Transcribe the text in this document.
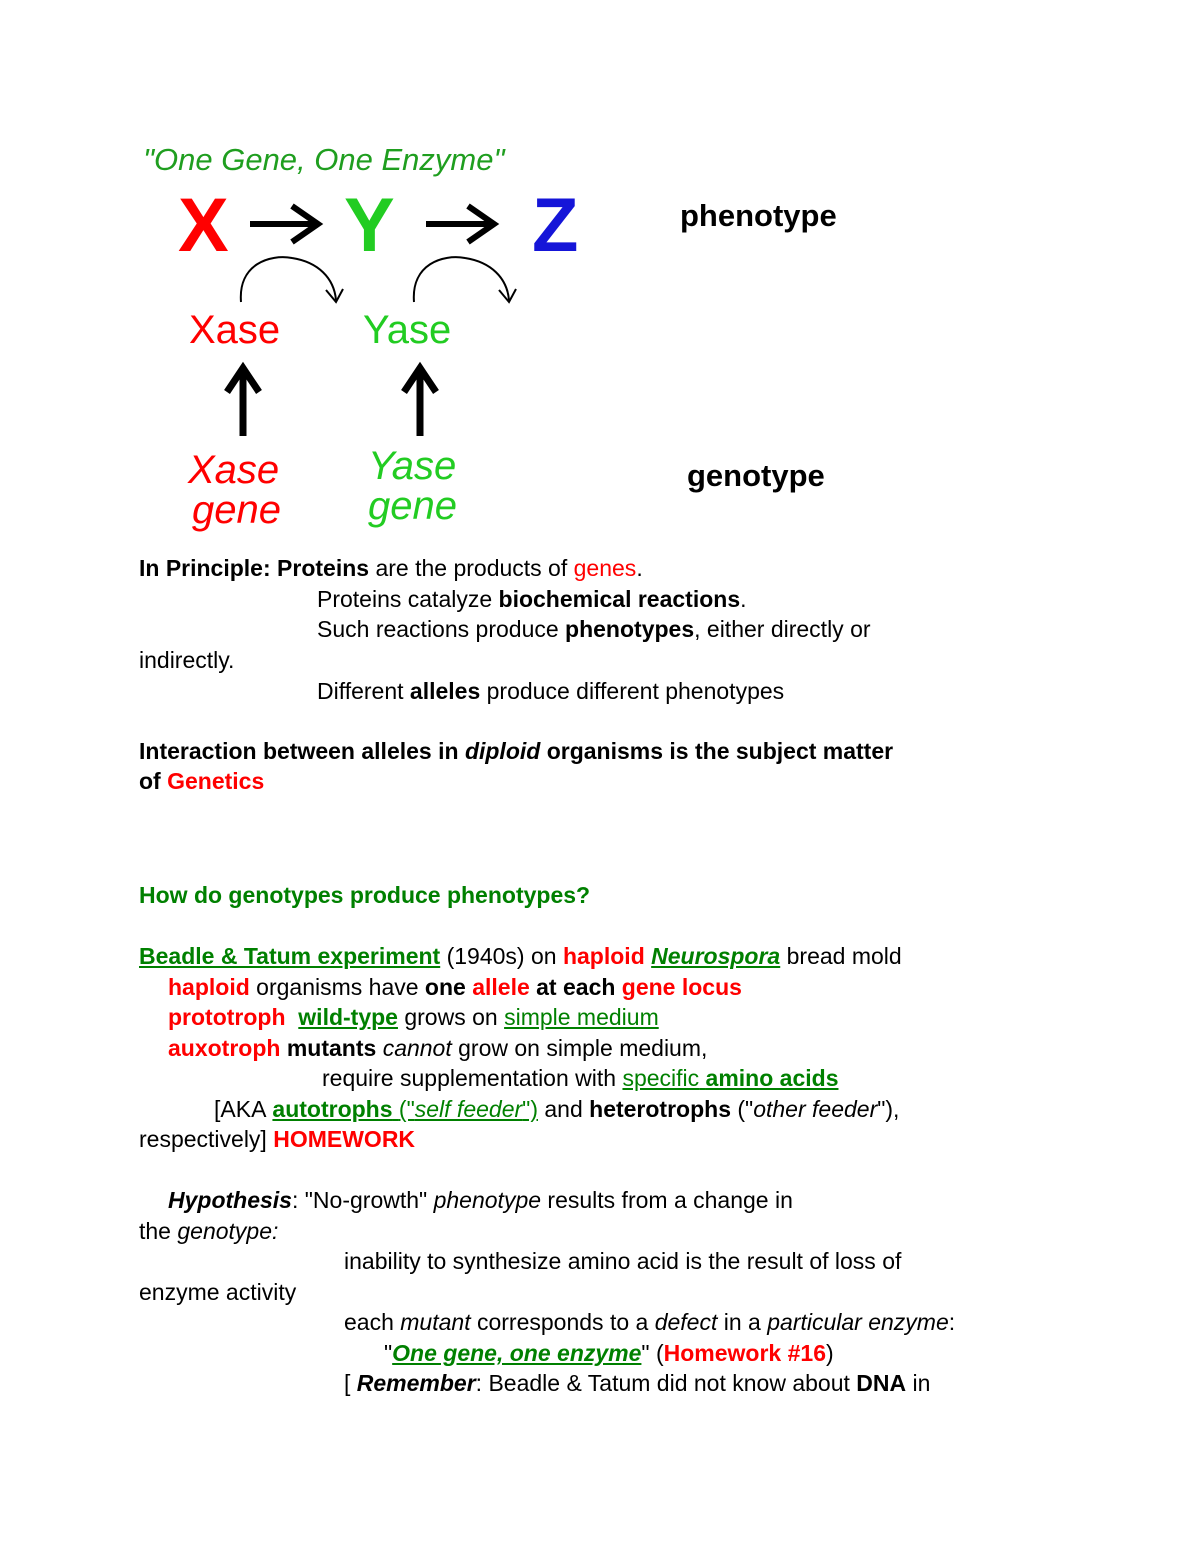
"One Gene, One Enzyme"
X Y Z	phenotype
Xase Yase
Xase
gene
Yase
gene
genotype
In Principle: Proteins are the products of genes.
Proteins catalyze biochemical reactions.
Such reactions produce phenotypes, either directly or
indirectly.
Different alleles produce different phenotypes
Interaction between alleles in diploid organisms is the subject matter
of Genetics
How do genotypes produce phenotypes?
Beadle & Tatum experiment (1940s) on haploid Neurospora bread mold
haploid organisms have one allele at each gene locus
prototroph wild-type grows on simple medium
auxotroph mutants cannot grow on simple medium,
require supplementation with specific amino acids
[AKA autotrophs ("self feeder") and heterotrophs ("other feeder"),
respectively] HOMEWORK
Hypothesis: "No-growth" phenotype results from a change in
the genotype:
inability to synthesize amino acid is the result of loss of
enzyme activity
each mutant corresponds to a defect in a particular enzyme:
"One gene, one enzyme" (Homework #16)
[ Remember: Beadle & Tatum did not know about DNA in
